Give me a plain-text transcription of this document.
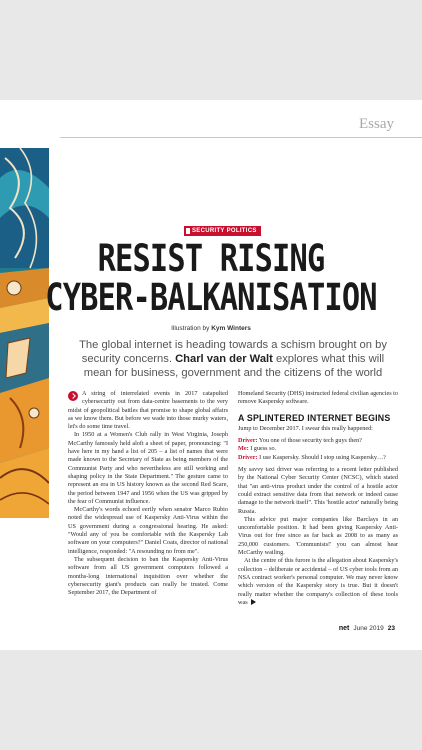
Essay
SECURITY POLITICS
RESIST RISING
CYBER-BALKANISATION
Illustration by Kym Winters
The global internet is heading towards a schism brought on by security concerns. Charl van der Walt explores what this will mean for business, government and the citizens of the world

A string of interrelated events in 2017 catapulted cybersecurity out from data-centre basements to the very midst of geopolitical battles that promise to shape global affairs as we know them. But before we wade into those murky waters, let's do some time travel.

In 1950 at a Women's Club rally in West Virginia, Joseph McCarthy famously held aloft a sheet of paper, pronouncing: "I have here in my hand a list of 205 – a list of names that were made known to the Secretary of State as being members of the Communist Party and who nevertheless are still working and shaping policy in the State Department." The gesture came to represent an era in US history known as the second Red Scare, the period between 1947 and 1956 when the US was gripped by the fear of Communist influence.

McCarthy's words echoed eerily when senator Marco Rubio noted the widespread use of Kaspersky Anti-Virus within the US government during a congressional hearing. He asked: "Would any of you be comfortable with the Kaspersky Lab software on your computers?" Daniel Coats, director of national intelligence, responded: "A resounding no from me".

The subsequent decision to ban the Kaspersky Anti-Virus software from all US government computers followed a months-long international inquisition over whether the cybersecurity giant's products can really be trusted. Come September 2017, the Department of

Homeland Security (DHS) instructed federal civilian agencies to remove Kaspersky software.

A SPLINTERED INTERNET BEGINS

Jump to December 2017. I swear this really happened:

Driver: You one of those security tech guys then?
Me: I guess so.
Driver: I use Kaspersky. Should I stop using Kaspersky…?

My savvy taxi driver was referring to a recent letter published by the National Cyber Security Center (NCSC), which stated that "an anti-virus product under the control of a hostile actor could extract sensitive data from that network or indeed cause damage to the network itself". This 'hostile actor' naturally being Russia.

This advice put major companies like Barclays in an uncomfortable position. It had been giving Kaspersky Anti-Virus out for free since as far back as 2008 to as many as 250,000 customers. 'Communists!' you can almost hear McCarthy wailing.

At the centre of this furore is the allegation about Kaspersky's collection – deliberate or accidental – of US cyber tools from an NSA contract worker's personal computer. We may never know which version of the Kaspersky story is true. But it doesn't really matter whether the company's collection of these tools was

net June 2019 23
